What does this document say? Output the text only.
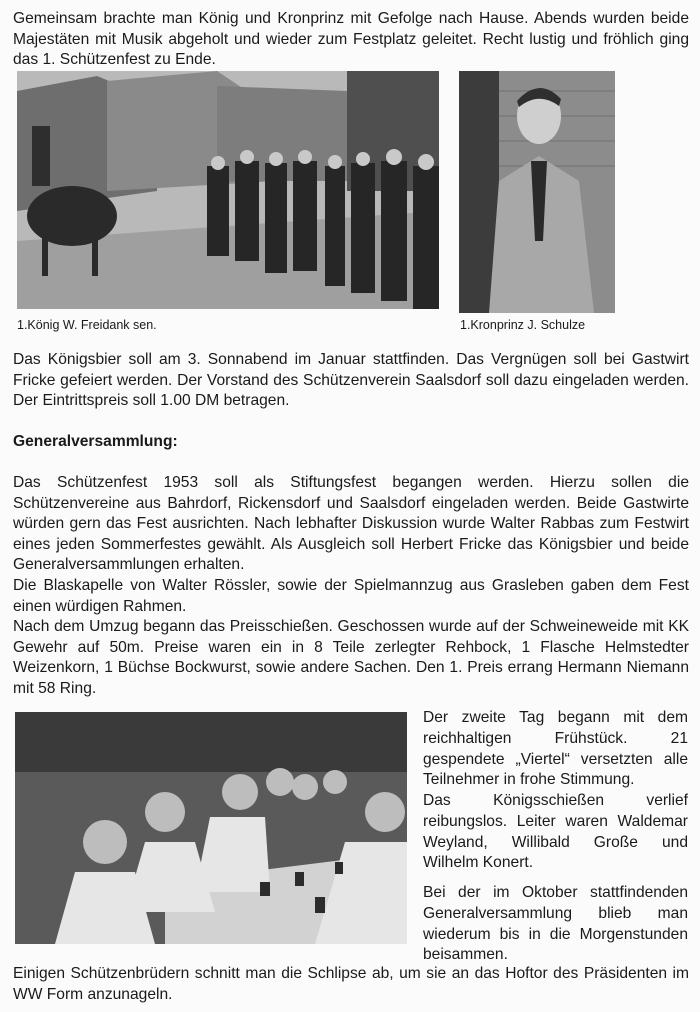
Gemeinsam brachte man König und Kronprinz mit Gefolge nach Hause. Abends wurden beide Majestäten mit Musik abgeholt und wieder zum Festplatz geleitet. Recht lustig und fröhlich ging das 1. Schützenfest zu Ende.

1.König W. Freidank sen.	1.Kronprinz J. Schulze

Das Königsbier soll am 3. Sonnabend im Januar stattfinden. Das Vergnügen soll bei Gastwirt Fricke gefeiert werden. Der Vorstand des Schützenverein Saalsdorf soll dazu eingeladen werden. Der Eintrittspreis soll 1.00 DM betragen.

Generalversammlung:

Das Schützenfest 1953 soll als Stiftungsfest begangen werden. Hierzu sollen die Schützenvereine aus Bahrdorf, Rickensdorf und Saalsdorf eingeladen werden. Beide Gastwirte würden gern das Fest ausrichten. Nach lebhafter Diskussion wurde Walter Rabbas zum Festwirt eines jeden Sommerfestes gewählt. Als Ausgleich soll Herbert Fricke das Königsbier und beide Generalversammlungen erhalten.

Die Blaskapelle von Walter Rössler, sowie der Spielmannzug aus Grasleben gaben dem Fest einen würdigen Rahmen.

Nach dem Umzug begann das Preisschießen. Geschossen wurde auf der Schweineweide mit KK Gewehr auf 50m. Preise waren ein in 8 Teile zerlegter Rehbock, 1 Flasche Helmstedter Weizenkorn, 1 Büchse Bockwurst, sowie andere Sachen. Den 1. Preis errang Hermann Niemann mit 58 Ring.

Der zweite Tag begann mit dem reichhaltigen Frühstück. 21 gespendete „Viertel“ versetzten alle Teilnehmer in frohe Stimmung.

Das Königsschießen verlief reibungslos. Leiter waren Waldemar Weyland, Willibald Große und Wilhelm Konert.

Bei der im Oktober stattfindenden Generalversammlung blieb man wiederum bis in die Morgenstunden beisammen.

Einigen Schützenbrüdern schnitt man die Schlipse ab, um sie an das Hoftor des Präsidenten im WW Form anzunageln.
